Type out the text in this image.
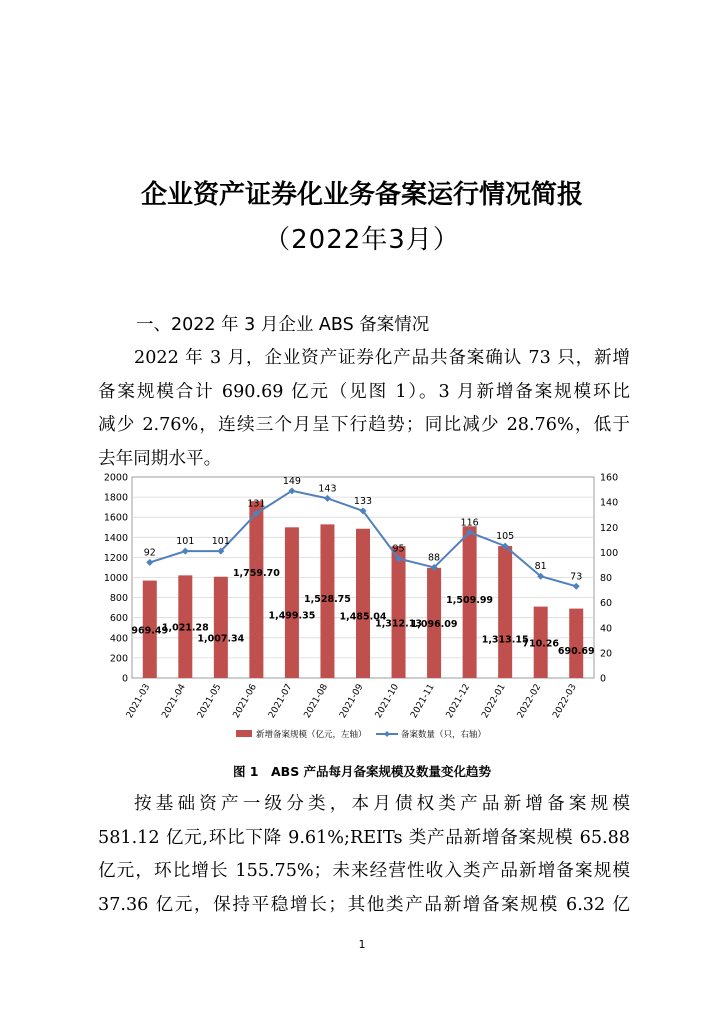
企业资产证券化业务备案运行情况简报
（2022年3月）
一、2022 年 3 月企业 ABS 备案情况
2022 年 3 月，企业资产证券化产品共备案确认 73 只，新增
备案规模合计 690.69 亿元（见图 1）。3 月新增备案规模环比
减少 2.76%，连续三个月呈下行趋势；同比减少 28.76%，低于
去年同期水平。
0
200
400
600
800
1000
1200
1400
1600
1800
2000
0
20
40
60
80
100
120
140
160
2021-03 2021-04 2021-05 2021-06 2021-07 2021-08 2021-09 2021-10 2021-11 2021-12 2022-01 2022-02 2022-03
969.49
1,021.28
1,007.34
1,759.70
1,499.35
1,528.75
1,485.04
1,312.13
1,096.09
1,509.99
1,313.15
710.26
690.69
92
101 101
131
149
143
133
95
88
116
105
81
73
新增备案规模（亿元，左轴）	备案数量（只，右轴）
图 1　ABS 产品每月备案规模及数量变化趋势
按基础资产一级分类，本月债权类产品新增备案规模
581.12 亿元,环比下降 9.61%;REITs 类产品新增备案规模 65.88
亿元，环比增长 155.75%；未来经营性收入类产品新增备案规模
37.36 亿元，保持平稳增长；其他类产品新增备案规模 6.32 亿
1
